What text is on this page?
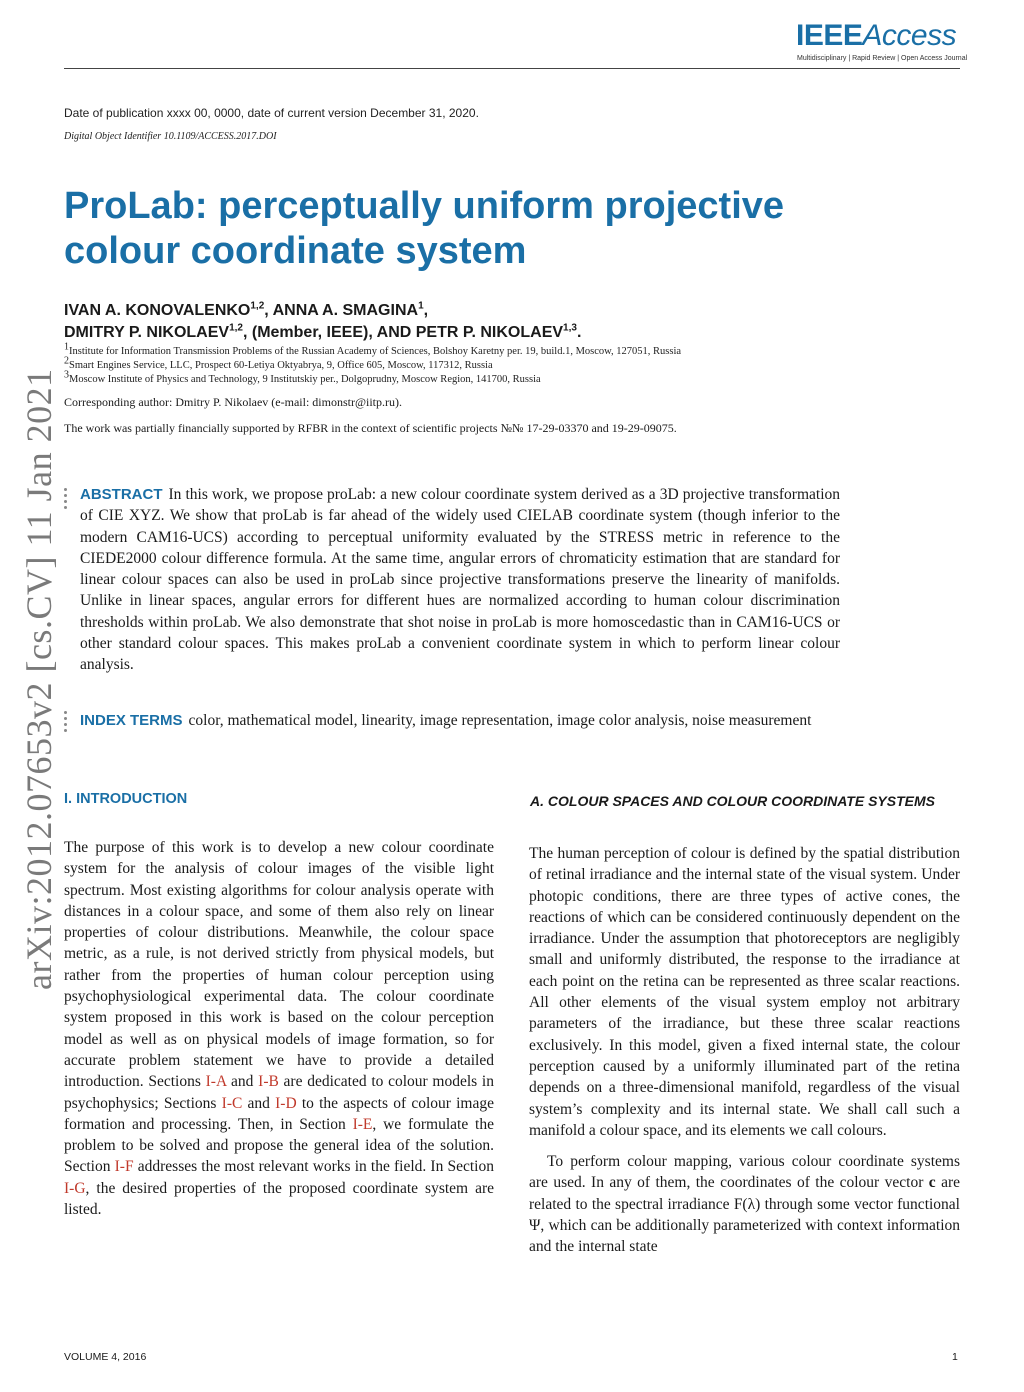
IEEEAccess
Multidisciplinary | Rapid Review | Open Access Journal
Date of publication xxxx 00, 0000, date of current version December 31, 2020.
Digital Object Identifier 10.1109/ACCESS.2017.DOI
ProLab: perceptually uniform projective
colour coordinate system
IVAN A. KONOVALENKO$^{1,2}$, ANNA A. SMAGINA$^1$,
DMITRY P. NIKOLAEV$^{1,2}$, (Member, IEEE), AND PETR P. NIKOLAEV$^{1,3}$.
$^1$Institute for Information Transmission Problems of the Russian Academy of Sciences, Bolshoy Karetny per. 19, build.1, Moscow, 127051, Russia
$^2$Smart Engines Service, LLC, Prospect 60-Letiya Oktyabrya, 9, Office 605, Moscow, 117312, Russia
$^3$Moscow Institute of Physics and Technology, 9 Institutskiy per., Dolgoprudny, Moscow Region, 141700, Russia
Corresponding author: Dmitry P. Nikolaev (e-mail: dimonstr@iitp.ru).
The work was partially financially supported by RFBR in the context of scientific projects №№ 17-29-03370 and 19-29-09075.
arXiv:2012.07653v2 [cs.CV] 11 Jan 2021 ABSTRACT In this work, we propose proLab: a new colour coordinate system derived as a 3D projective transformation of CIE XYZ. We show that proLab is far ahead of the widely used CIELAB coordinate system (though inferior to the modern CAM16-UCS) according to perceptual uniformity evaluated by the STRESS metric in reference to the CIEDE2000 colour difference formula. At the same time, angular errors of chromaticity estimation that are standard for linear colour spaces can also be used in proLab since projective transformations preserve the linearity of manifolds. Unlike in linear spaces, angular errors for different hues are normalized according to human colour discrimination thresholds within proLab. We also demonstrate that shot noise in proLab is more homoscedastic than in CAM16-UCS or other standard colour spaces. This makes proLab a convenient coordinate system in which to perform linear colour analysis.
INDEX TERMS color, mathematical model, linearity, image representation, image color analysis, noise measurement
I. INTRODUCTION	A. COLOUR SPACES AND COLOUR COORDINATE SYSTEMS
The purpose of this work is to develop a new colour coordinate system for the analysis of colour images of the visible light spectrum. Most existing algorithms for colour analysis operate with distances in a colour space, and some of them also rely on linear properties of colour distributions. Meanwhile, the colour space metric, as a rule, is not derived strictly from physical models, but rather from the properties of human colour perception using psychophysiological experimental data. The colour coordinate system proposed in this work is based on the colour perception model as well as on physical models of image formation, so for accurate problem statement we have to provide a detailed introduction. Sections I-A and I-B are dedicated to colour models in psychophysics; Sections I-C and I-D to the aspects of colour image formation and processing. Then, in Section I-E, we formulate the problem to be solved and propose the general idea of the solution. Section I-F addresses the most relevant works in the field. In Section I-G, the desired properties of the proposed coordinate system are listed.

The human perception of colour is defined by the spatial distribution of retinal irradiance and the internal state of the visual system. Under photopic conditions, there are three types of active cones, the reactions of which can be considered continuously dependent on the irradiance. Under the assumption that photoreceptors are negligibly small and uniformly distributed, the response to the irradiance at each point on the retina can be represented as three scalar reactions. All other elements of the visual system employ not arbitrary parameters of the irradiance, but these three scalar reactions exclusively. In this model, given a fixed internal state, the colour perception caused by a uniformly illuminated part of the retina depends on a three-dimensional manifold, regardless of the visual system’s complexity and its internal state. We shall call such a manifold a colour space, and its elements we call colours.

To perform colour mapping, various colour coordinate systems are used. In any of them, the coordinates of the colour vector c are related to the spectral irradiance F(λ) through some vector functional Ψ, which can be additionally parameterized with context information and the internal state

VOLUME 4, 2016	1
